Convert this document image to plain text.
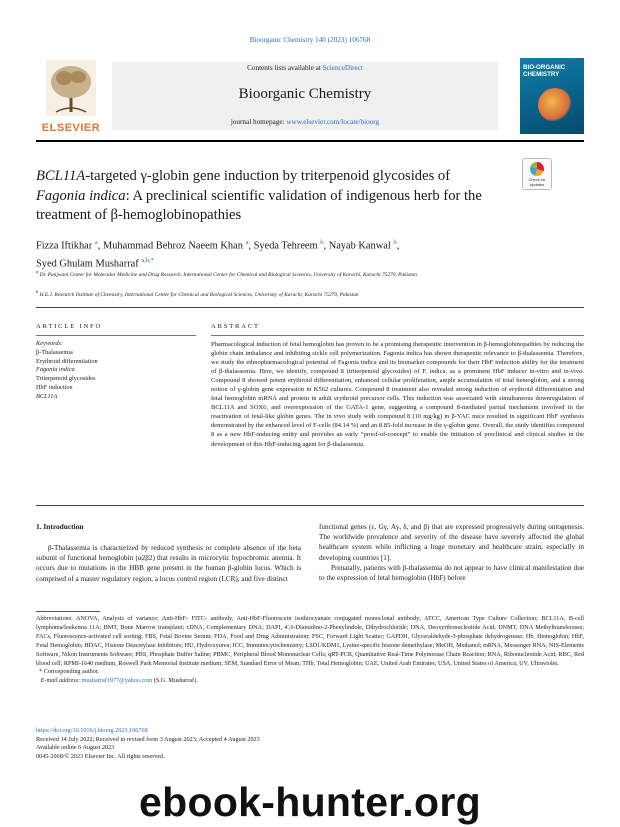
Bioorganic Chemistry 140 (2023) 106768
ELSEVIER
Contents lists available at ScienceDirect
Bioorganic Chemistry
journal homepage: www.elsevier.com/locate/bioorg
BIO-ORGANIC CHEMISTRY
BCL11A-targeted γ-globin gene induction by triterpenoid glycosides of Fagonia indica: A preclinical scientific validation of indigenous herb for the treatment of β-hemoglobinopathies
Check for updates
Fizza Iftikhar $^a$, Muhammad Behroz Naeem Khan $^a$, Syeda Tehreem $^b$, Nayab Kanwal $^b$,
Syed Ghulam Musharraf $^{a,b,*}$
$^a$ Dr. Panjwani Center for Molecular Medicine and Drug Research, International Center for Chemical and Biological Sciences, University of Karachi, Karachi 75270, Pakistan
$^b$ H.E.J. Research Institute of Chemistry, International Center for Chemical and Biological Sciences, University of Karachi, Karachi 75270, Pakistan
ARTICLE INFO
Keywords:
β-Thalassemia
Erythroid differentiation
Fagonia indica
Triterpenoid glycosides
HbF induction
BCL11A
ABSTRACT
Pharmacological induction of fetal hemoglobin has proven to be a promising therapeutic intervention in β-hemoglobinopathies by reducing the globin chain imbalance and inhibiting sickle cell polymerization. Fagonia indica has shown therapeutic relevance to β-thalassemia. Therefore, we study the ethnopharmacological potential of Fagonia indica and its biomarker compounds for their HbF induction ability for the treatment of β-thalassemia. Here, we identify, compound 8 (triterpenoid glycosides) of F. indica. as a prominent HbF inducer in-vitro and in-vivo. Compound 8 showed potent erythroid differentiation, enhanced cellular proliferation, ample accumulation of total hemoglobin, and a strong notion of γ-globin gene expression in K562 cultures. Compound 8 treatment also revealed strong induction of erythroid differentiation and fetal hemoglobin mRNA and protein in adult erythroid precursor cells. This induction was associated with simultaneous downregulation of BCL11A and SOX6, and overexpression of the GATA-1 gene, suggesting a compound 8-mediated partial mechanism involved in the reactivation of fetal-like globin genes. The in vivo study with compound 8 (10 mg/kg) in β-YAC mice resulted in significant HbF synthesis demonstrated by the enhanced level of F-cells (84.14 %) and an 8.85-fold increase in the γ-globin gene. Overall, the study identifies compound 8 as a new HbF-inducing entity and provides an early “proof-of-concept” to enable the initiation of preclinical and clinical studies in the development of this HbF-inducing agent for β-thalassemia.
1. Introduction
β-Thalassemia is characterized by reduced synthesis or complete absence of the beta subunit of functional hemoglobin (α2β2) that results in microcytic hypochromic anemia. It occurs due to mutations in the HBB gene present in the human β-globin locus. Which is comprised of a master regulatory region, a locus control region (LCR), and five distinct
functional genes (ε, Gγ, Aγ, δ, and β) that are expressed progressively during ontogenesis. The worldwide prevalence and severity of the disease have severely affected the global healthcare system while inflicting a huge monetary and healthcare strain, especially in developing countries [1].
Prenatally, patients with β-thalassemia do not appear to have clinical manifestation due to the expression of fetal hemoglobin (HbF) before
Abbreviations: ANOVA, Analysis of variance; Anti-HbF- FITC- antibody, Anti-HbF-Fluorescein isothiocyanate conjugated monoclonal antibody; ATCC, American Type Culture Collection; BCL11A, B-cell lymphoma/leukemia 11A; BMT, Bone Marrow transplant; cDNA, Complementary DNA; DAPI, 4′,6-Diamidino-2-Phenylindole, Dihydrochloride; DNA, Deoxyribonucleotide Acid; DNMT, DNA Methyltransferases; FACs, Fluorescence-activated cell sorting; FBS, Fetal Bovine Serum; FDA, Food and Drug Administration; FSC, Forward Light Scatter; GAPDH, Glyceraldehyde-3-phosphate dehydrogenase; Hb, Hemoglobin; HbF, Fetal Hemoglobin; HDAC, Histone Deacetylase Inhibitors; HU, Hydroxyurea; ICC, Immunocytochemistry; LSD1/KDM1, Lysine-specific histone demethylase; MeOH, Methanol; mRNA, Messenger RNA; NIS-Elements Software, Nikon Instruments Software; PBS, Phosphate Buffer Saline; PBMC, Peripheral Blood Mononuclear Cells; qRT-PCR, Quantitative Real-Time Polymerase Chain Reaction; RNA, Ribonucleotide Acid; RBC, Red blood cell; RPMI-1640 medium, Roswell Park Memorial Institute medium; SEM, Standard Error of Mean; THb, Total Hemoglobin; UAE, United Arab Emirates; USA, United States of America; UV, Ultraviolet.
* Corresponding author.
E-mail address: musharraf1977@yahoo.com (S.G. Musharraf).
https://doi.org/10.1016/j.bioorg.2023.106768
Received 14 July 2022; Received in revised form 3 August 2023; Accepted 4 August 2023
Available online 6 August 2023
0045-2068/© 2023 Elsevier Inc. All rights reserved.
ebook-hunter.org
